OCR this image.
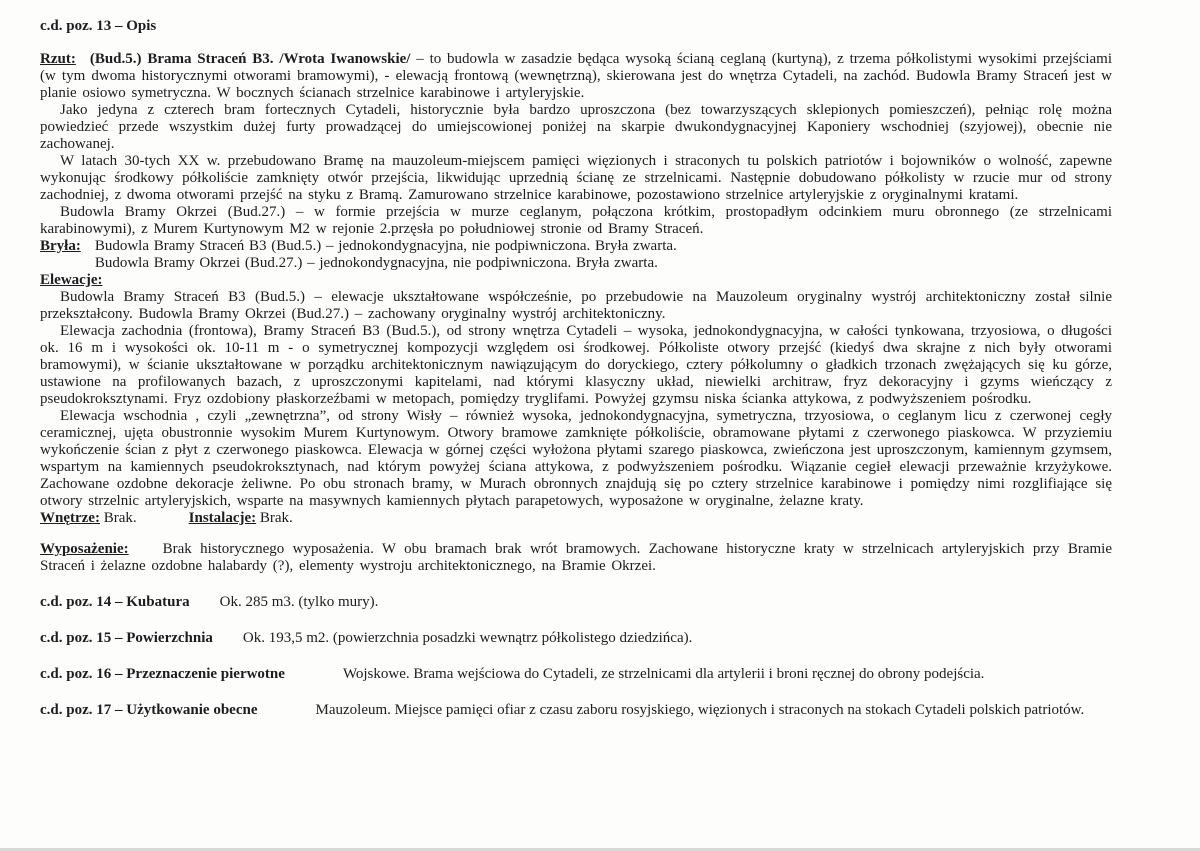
c.d. poz. 13 – Opis

Rzut: (Bud.5.) Brama Straceń B3. /Wrota Iwanowskie/ – to budowla w zasadzie będąca wysoką ścianą ceglaną (kurtyną), z trzema półkolistymi wysokimi przejściami (w tym dwoma historycznymi otworami bramowymi), - elewacją frontową (wewnętrzną), skierowana jest do wnętrza Cytadeli, na zachód. Budowla Bramy Straceń jest w planie osiowo symetryczna. W bocznych ścianach strzelnice karabinowe i artyleryjskie.

Jako jedyna z czterech bram fortecznych Cytadeli, historycznie była bardzo uproszczona (bez towarzyszących sklepionych pomieszczeń), pełniąc rolę można powiedzieć przede wszystkim dużej furty prowadzącej do umiejscowionej poniżej na skarpie dwukondygnacyjnej Kaponiery wschodniej (szyjowej), obecnie nie zachowanej.

W latach 30-tych XX w. przebudowano Bramę na mauzoleum-miejscem pamięci więzionych i straconych tu polskich patriotów i bojowników o wolność, zapewne wykonując środkowy półkoliście zamknięty otwór przejścia, likwidując uprzednią ścianę ze strzelnicami. Następnie dobudowano półkolisty w rzucie mur od strony zachodniej, z dwoma otworami przejść na styku z Bramą. Zamurowano strzelnice karabinowe, pozostawiono strzelnice artyleryjskie z oryginalnymi kratami.

Budowla Bramy Okrzei (Bud.27.) – w formie przejścia w murze ceglanym, połączona krótkim, prostopadłym odcinkiem muru obronnego (ze strzelnicami karabinowymi), z Murem Kurtynowym M2 w rejonie 2.przęsła po południowej stronie od Bramy Straceń.

Bryła: Budowla Bramy Straceń B3 (Bud.5.) – jednokondygnacyjna, nie podpiwniczona. Bryła zwarta.
Budowla Bramy Okrzei (Bud.27.) – jednokondygnacyjna, nie podpiwniczona. Bryła zwarta.

Elewacje:

Budowla Bramy Straceń B3 (Bud.5.) – elewacje ukształtowane współcześnie, po przebudowie na Mauzoleum oryginalny wystrój architektoniczny został silnie przekształcony. Budowla Bramy Okrzei (Bud.27.) – zachowany oryginalny wystrój architektoniczny.

Elewacja zachodnia (frontowa), Bramy Straceń B3 (Bud.5.), od strony wnętrza Cytadeli – wysoka, jednokondygnacyjna, w całości tynkowana, trzyosiowa, o długości ok. 16 m i wysokości ok. 10-11 m - o symetrycznej kompozycji względem osi środkowej. Półkoliste otwory przejść (kiedyś dwa skrajne z nich były otworami bramowymi), w ścianie ukształtowane w porządku architektonicznym nawiązującym do doryckiego, cztery półkolumny o gładkich trzonach zwężających się ku górze, ustawione na profilowanych bazach, z uproszczonymi kapitelami, nad którymi klasyczny układ, niewielki architraw, fryz dekoracyjny i gzyms wieńczący z pseudokroksztynami. Fryz ozdobiony płaskorzeźbami w metopach, pomiędzy tryglifami. Powyżej gzymsu niska ścianka attykowa, z podwyższeniem pośrodku.

Elewacja wschodnia , czyli „zewnętrzna”, od strony Wisły – również wysoka, jednokondygnacyjna, symetryczna, trzyosiowa, o ceglanym licu z czerwonej cegły ceramicznej, ujęta obustronnie wysokim Murem Kurtynowym. Otwory bramowe zamknięte półkoliście, obramowane płytami z czerwonego piaskowca. W przyziemiu wykończenie ścian z płyt z czerwonego piaskowca. Elewacja w górnej części wyłożona płytami szarego piaskowca, zwieńczona jest uproszczonym, kamiennym gzymsem, wspartym na kamiennych pseudokroksztynach, nad którym powyżej ściana attykowa, z podwyższeniem pośrodku. Wiązanie cegieł elewacji przeważnie krzyżykowe. Zachowane ozdobne dekoracje żeliwne. Po obu stronach bramy, w Murach obronnych znajdują się po cztery strzelnice karabinowe i pomiędzy nimi rozglifiające się otwory strzelnic artyleryjskich, wsparte na masywnych kamiennych płytach parapetowych, wyposażone w oryginalne, żelazne kraty.

Wnętrze: Brak.	Instalacje: Brak.

Wyposażenie: Brak historycznego wyposażenia. W obu bramach brak wrót bramowych. Zachowane historyczne kraty w strzelnicach artyleryjskich przy Bramie Straceń i żelazne ozdobne halabardy (?), elementy wystroju architektonicznego, na Bramie Okrzei.

c.d. poz. 14 – Kubatura Ok. 285 m3. (tylko mury).

c.d. poz. 15 – Powierzchnia Ok. 193,5 m2. (powierzchnia posadzki wewnątrz półkolistego dziedzińca).

c.d. poz. 16 – Przeznaczenie pierwotne	Wojskowe. Brama wejściowa do Cytadeli, ze strzelnicami dla artylerii i broni ręcznej do obrony podejścia.

c.d. poz. 17 – Użytkowanie obecne	Mauzoleum. Miejsce pamięci ofiar z czasu zaboru rosyjskiego, więzionych i straconych na stokach Cytadeli polskich patriotów.
